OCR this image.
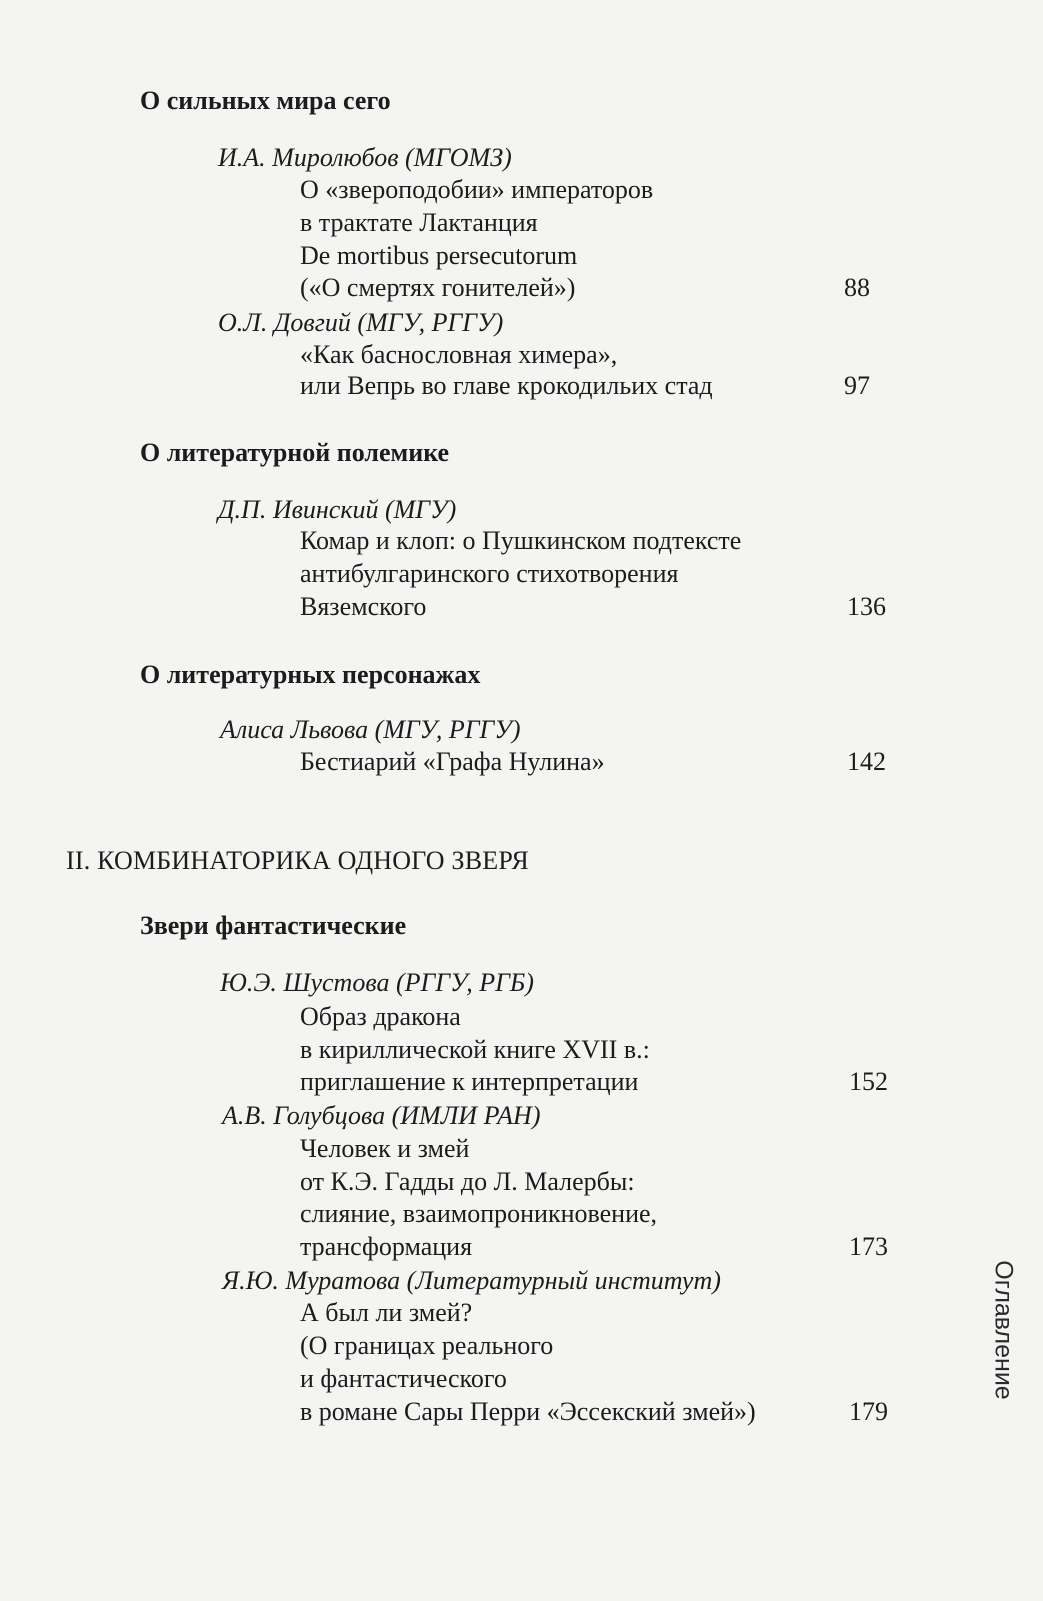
О сильных мира сего
И.А. Миролюбов (МГОМЗ)
О «звероподобии» императоров
в трактате Лактанция
De mortibus persecutorum
(«О смертях гонителей»)	88
О.Л. Довгий (МГУ, РГГУ)
«Как баснословная химера»,
или Вепрь во главе крокодильих стад	97
О литературной полемике
Д.П. Ивинский (МГУ)
Комар и клоп: о Пушкинском подтексте
антибулгаринского стихотворения
Вяземского	136
О литературных персонажах
Алиса Львова (МГУ, РГГУ)
Бестиарий «Графа Нулина»	142
II. КОМБИНАТОРИКА ОДНОГО ЗВЕРЯ
Звери фантастические
Ю.Э. Шустова (РГГУ, РГБ)
Образ дракона
в кириллической книге XVII в.:
приглашение к интерпретации	152
А.В. Голубцова (ИМЛИ РАН)
Человек и змей
от К.Э. Гадды до Л. Малербы:
слияние, взаимопроникновение,
трансформация	173
Я.Ю. Муратова (Литературный институт)
А был ли змей?
(О границах реального
и фантастического
в романе Сары Перри «Эссекский змей»)	179
Оглавление
